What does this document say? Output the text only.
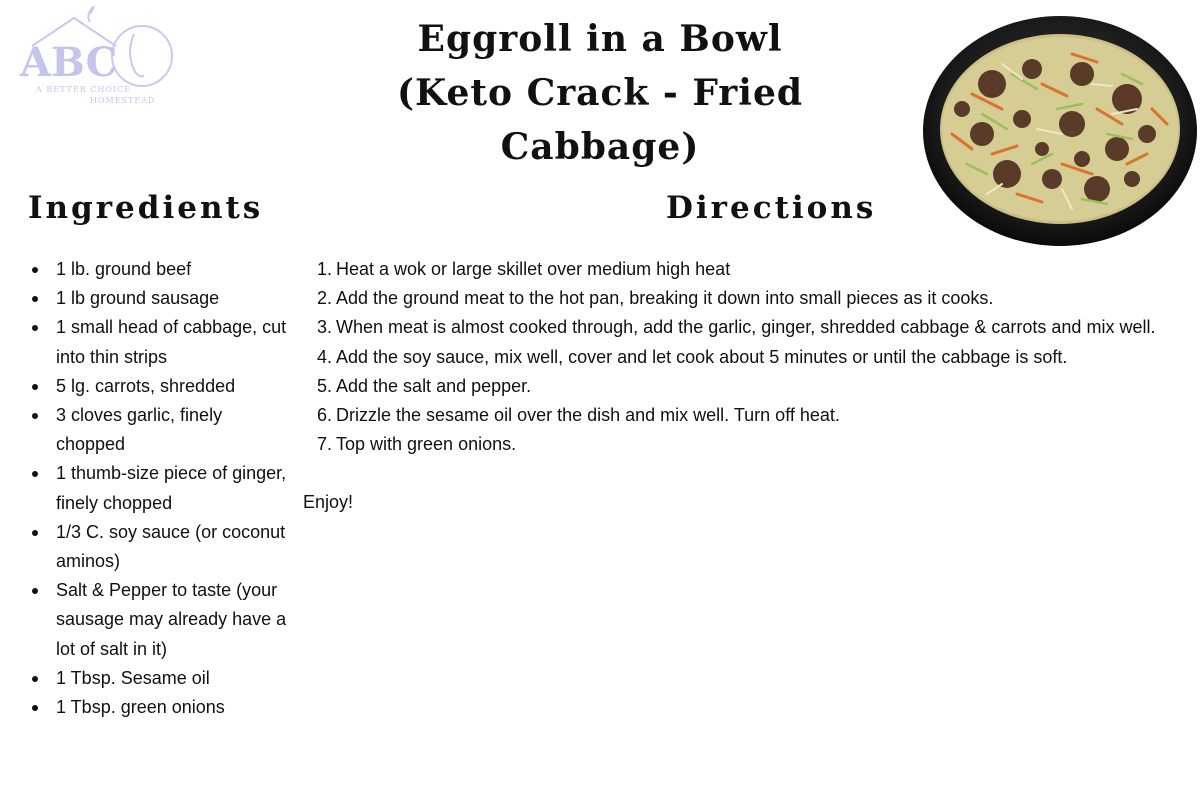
ABC
A BETTER CHOICE
HOMESTEAD
Eggroll in a Bowl
(Keto Crack - Fried Cabbage)
Ingredients
1 lb. ground beef
1 lb ground sausage
1 small head of cabbage, cut into thin strips
5 lg. carrots, shredded
3 cloves garlic, finely chopped
1 thumb-size piece of ginger, finely chopped
1/3 C. soy sauce (or coconut aminos)
Salt & Pepper to taste (your sausage may already have a lot of salt in it)
1 Tbsp. Sesame oil
1 Tbsp. green onions
Directions
1. Heat a wok or large skillet over medium high heat
2. Add the ground meat to the hot pan, breaking it down into small pieces as it cooks.
3. When meat is almost cooked through, add the garlic, ginger, shredded cabbage & carrots and mix well.
4. Add the soy sauce, mix well, cover and let cook about 5 minutes or until the cabbage is soft.
5. Add the salt and pepper.
6. Drizzle the sesame oil over the dish and mix well. Turn off heat.
7. Top with green onions.
Enjoy!
